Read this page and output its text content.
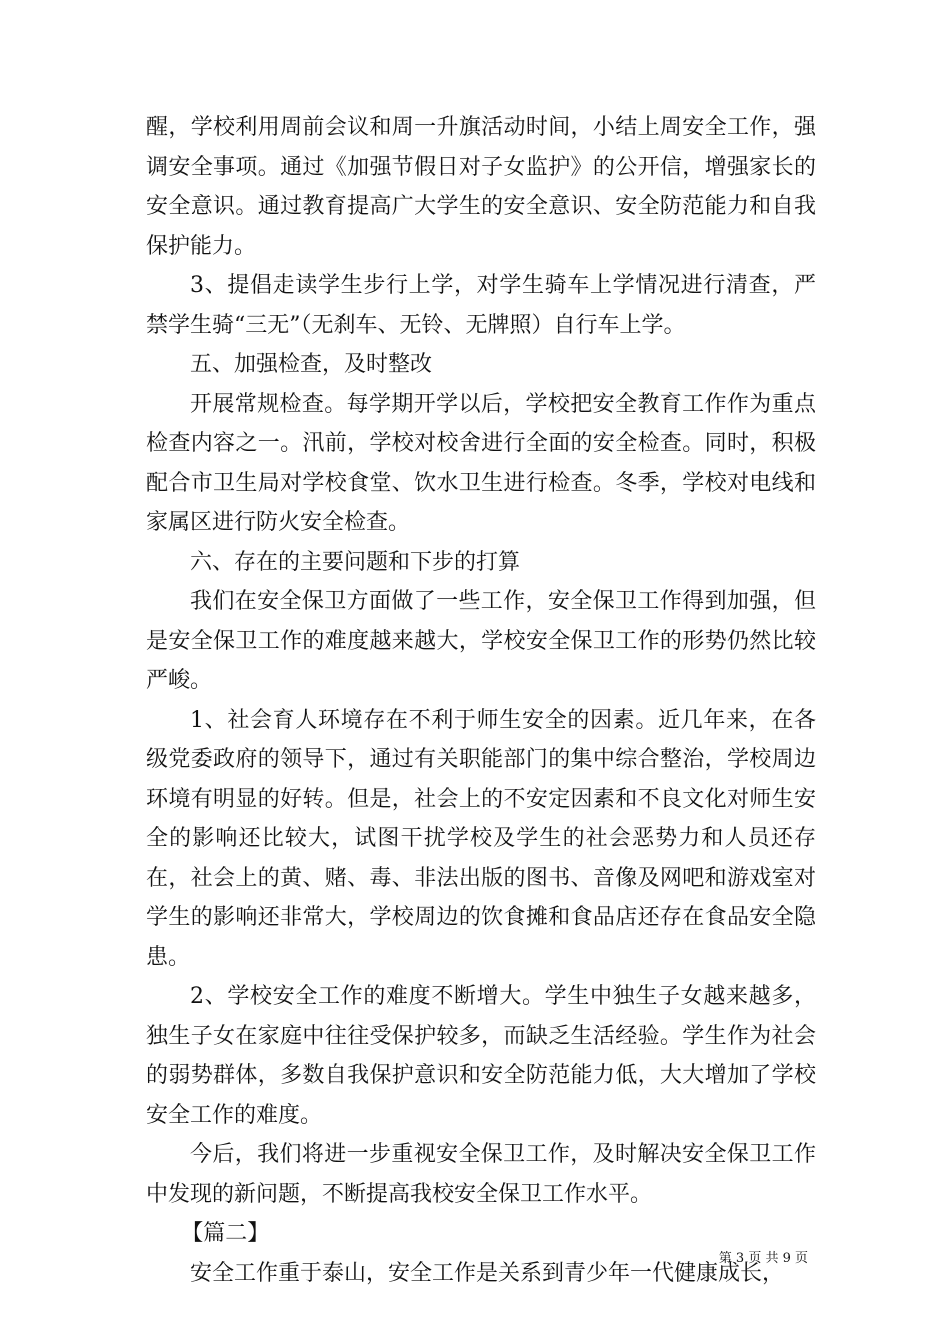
醒，学校利用周前会议和周一升旗活动时间，小结上周安全工作，强调安全事项。通过《加强节假日对子女监护》的公开信，增强家长的安全意识。通过教育提高广大学生的安全意识、安全防范能力和自我保护能力。

3、提倡走读学生步行上学，对学生骑车上学情况进行清查，严禁学生骑“三无”（无刹车、无铃、无牌照）自行车上学。

五、加强检查，及时整改

开展常规检查。每学期开学以后，学校把安全教育工作作为重点检查内容之一。汛前，学校对校舍进行全面的安全检查。同时，积极配合市卫生局对学校食堂、饮水卫生进行检查。冬季，学校对电线和家属区进行防火安全检查。

六、存在的主要问题和下步的打算

我们在安全保卫方面做了一些工作，安全保卫工作得到加强，但是安全保卫工作的难度越来越大，学校安全保卫工作的形势仍然比较严峻。

1、社会育人环境存在不利于师生安全的因素。近几年来，在各级党委政府的领导下，通过有关职能部门的集中综合整治，学校周边环境有明显的好转。但是，社会上的不安定因素和不良文化对师生安全的影响还比较大，试图干扰学校及学生的社会恶势力和人员还存在，社会上的黄、赌、毒、非法出版的图书、音像及网吧和游戏室对学生的影响还非常大，学校周边的饮食摊和食品店还存在食品安全隐患。

2、学校安全工作的难度不断增大。学生中独生子女越来越多，独生子女在家庭中往往受保护较多，而缺乏生活经验。学生作为社会的弱势群体，多数自我保护意识和安全防范能力低，大大增加了学校安全工作的难度。

今后，我们将进一步重视安全保卫工作，及时解决安全保卫工作中发现的新问题，不断提高我校安全保卫工作水平。

【篇二】

安全工作重于泰山，安全工作是关系到青少年一代健康成长，

第 3 页 共 9 页
